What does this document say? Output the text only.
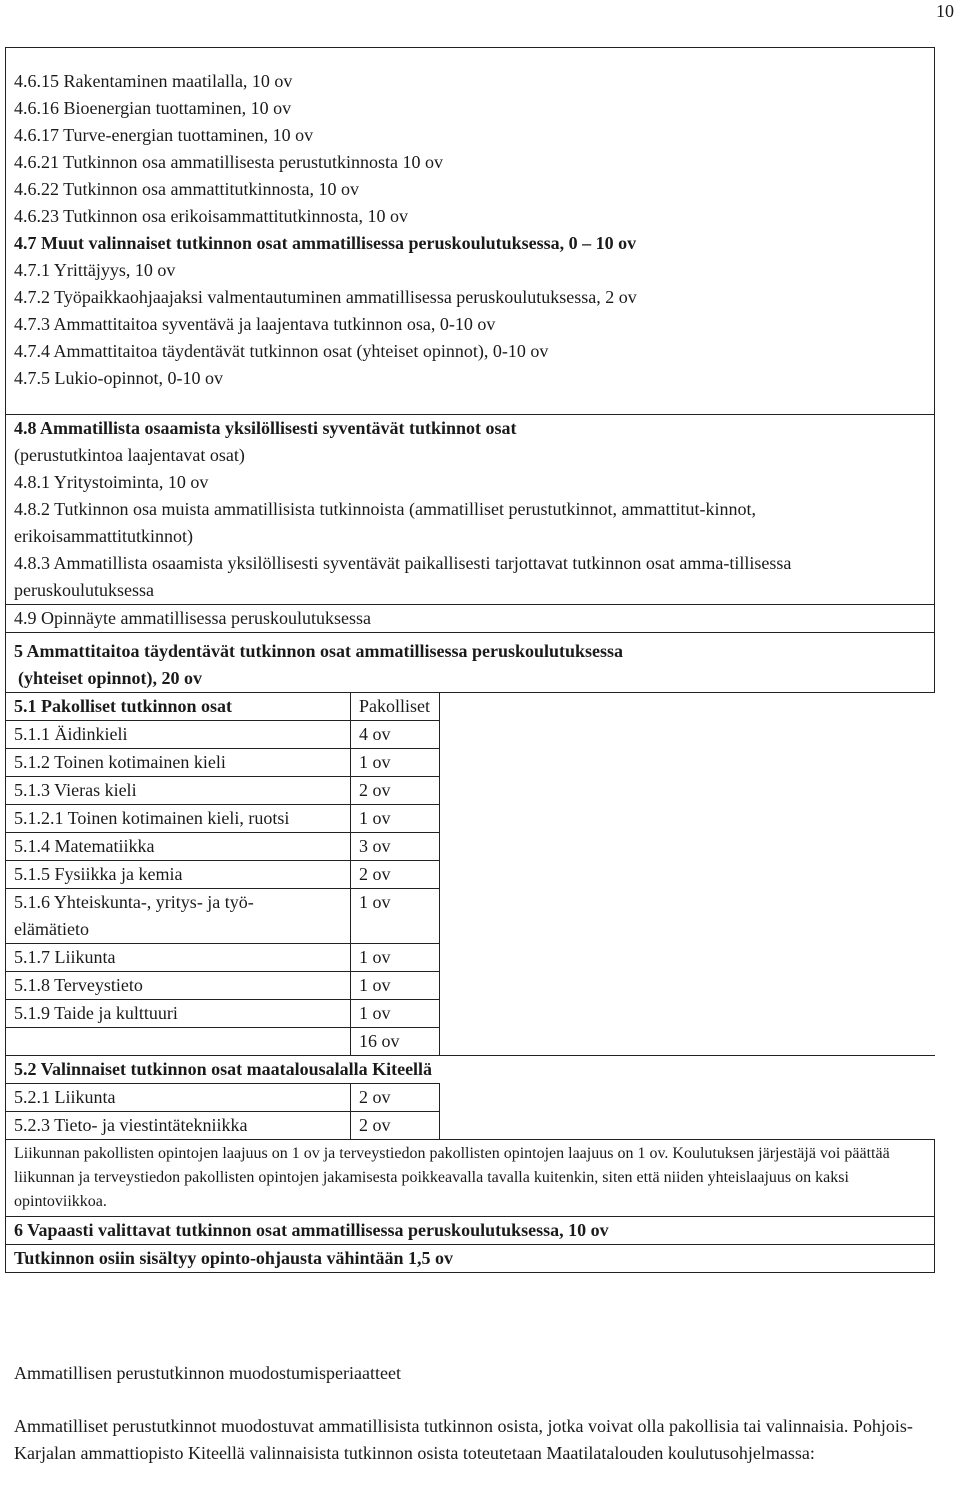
10
4.6.15 Rakentaminen maatilalla, 10 ov
4.6.16 Bioenergian tuottaminen, 10 ov
4.6.17 Turve-energian tuottaminen, 10 ov
4.6.21 Tutkinnon osa ammatillisesta perustutkinnosta 10 ov
4.6.22 Tutkinnon osa ammattitutkinnosta, 10 ov
4.6.23 Tutkinnon osa erikoisammattitutkinnosta, 10 ov
4.7 Muut valinnaiset tutkinnon osat ammatillisessa peruskoulutuksessa, 0 – 10 ov
4.7.1 Yrittäjyys, 10 ov
4.7.2 Työpaikkaohjaajaksi valmentautuminen ammatillisessa peruskoulutuksessa, 2 ov
4.7.3 Ammattitaitoa syventävä ja laajentava tutkinnon osa, 0-10 ov
4.7.4 Ammattitaitoa täydentävät tutkinnon osat (yhteiset opinnot), 0-10 ov
4.7.5 Lukio-opinnot, 0-10 ov

4.8 Ammatillista osaamista yksilöllisesti syventävät tutkinnot osat
(perustutkintoa laajentavat osat)
4.8.1 Yritystoiminta, 10 ov
4.8.2 Tutkinnon osa muista ammatillisista tutkinnoista (ammatilliset perustutkinnot, ammattitut-kinnot, erikoisammattitutkinnot)
4.8.3 Ammatillista osaamista yksilöllisesti syventävät paikallisesti tarjottavat tutkinnon osat amma-tillisessa peruskoulutuksessa

4.9 Opinnäyte ammatillisessa peruskoulutuksessa

5 Ammattitaitoa täydentävät tutkinnon osat ammatillisessa peruskoulutuksessa
(yhteiset opinnot), 20 ov

5.1 Pakolliset tutkinnon osat	Pakolliset	
5.1.1 Äidinkieli	4 ov	
5.1.2 Toinen kotimainen kieli	1 ov	
5.1.3 Vieras kieli	2 ov	
5.1.2.1 Toinen kotimainen kieli, ruotsi	1 ov	
5.1.4 Matematiikka	3 ov	
5.1.5 Fysiikka ja kemia	2 ov	
5.1.6 Yhteiskunta-, yritys- ja työ-elämätieto	1 ov	
5.1.7 Liikunta	1 ov	
5.1.8 Terveystieto	1 ov	
5.1.9 Taide ja kulttuuri	1 ov	
	16 ov	
5.2 Valinnaiset tutkinnon osat maatalousalalla Kiteellä
5.2.1 Liikunta	2 ov	
5.2.3 Tieto- ja viestintätekniikka	2 ov	

Liikunnan pakollisten opintojen laajuus on 1 ov ja terveystiedon pakollisten opintojen laajuus on 1 ov. Koulutuksen järjestäjä voi päättää liikunnan ja terveystiedon pakollisten opintojen jakamisesta poikkeavalla tavalla kuitenkin, siten että niiden yhteislaajuus on kaksi opintoviikkoa.

6 Vapaasti valittavat tutkinnon osat ammatillisessa peruskoulutuksessa, 10 ov

Tutkinnon osiin sisältyy opinto-ohjausta vähintään 1,5 ov

Ammatillisen perustutkinnon muodostumisperiaatteet

Ammatilliset perustutkinnot muodostuvat ammatillisista tutkinnon osista, jotka voivat olla pakollisia tai valinnaisia. Pohjois-Karjalan ammattiopisto Kiteellä valinnaisista tutkinnon osista toteutetaan Maatilatalouden koulutusohjelmassa:
